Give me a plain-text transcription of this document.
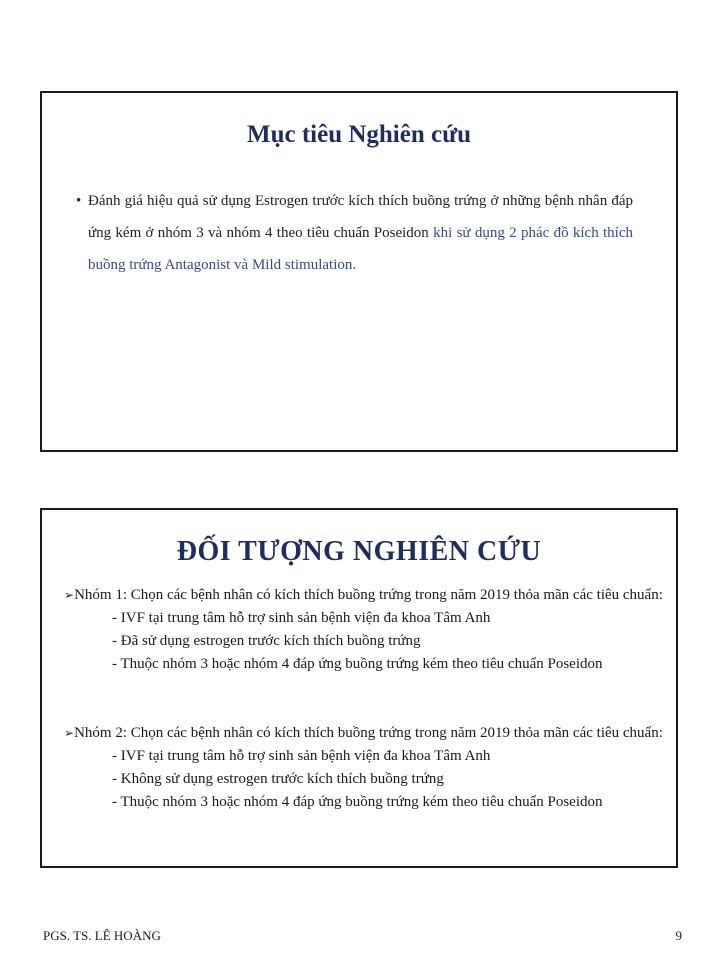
Mục tiêu Nghiên cứu
• Đánh giá hiệu quả sử dụng Estrogen trước kích thích buồng trứng ở những bệnh nhân đáp ứng kém ở nhóm 3 và nhóm 4 theo tiêu chuẩn Poseidon khi sử dụng 2 phác đồ kích thích buồng trứng Antagonist và Mild stimulation.
ĐỐI TƯỢNG NGHIÊN CỨU
➢Nhóm 1: Chọn các bệnh nhân có kích thích buồng trứng trong năm 2019 thỏa mãn các tiêu chuẩn:
- IVF tại trung tâm hỗ trợ sinh sản bệnh viện đa khoa Tâm Anh
- Đã sử dụng estrogen trước kích thích buồng trứng
- Thuộc nhóm 3 hoặc nhóm 4 đáp ứng buồng trứng kém theo tiêu chuẩn Poseidon
➢Nhóm 2: Chọn các bệnh nhân có kích thích buồng trứng trong năm 2019 thỏa mãn các tiêu chuẩn:
- IVF tại trung tâm hỗ trợ sinh sản bệnh viện đa khoa Tâm Anh
- Không sử dụng estrogen trước kích thích buồng trứng
- Thuộc nhóm 3 hoặc nhóm 4 đáp ứng buồng trứng kém theo tiêu chuẩn Poseidon
PGS. TS. LÊ HOÀNG	9
